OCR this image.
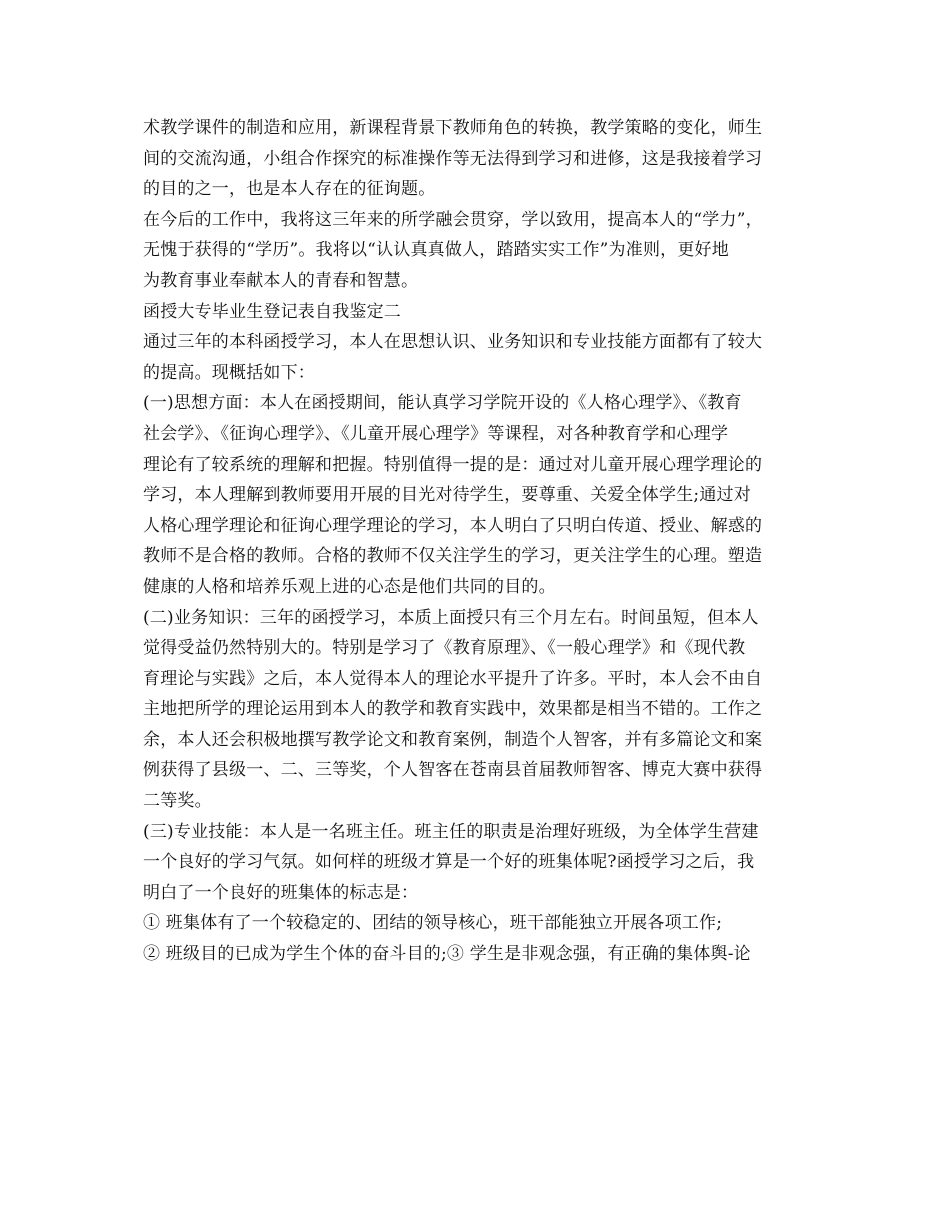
术教学课件的制造和应用，新课程背景下教师角色的转换，教学策略的变化，师生

间的交流沟通，小组合作探究的标准操作等无法得到学习和进修，这是我接着学习

的目的之一，也是本人存在的征询题。

在今后的工作中，我将这三年来的所学融会贯穿，学以致用，提高本人的“学力”，

无愧于获得的“学历”。我将以“认认真真做人，踏踏实实工作”为准则，更好地

为教育事业奉献本人的青春和智慧。

函授大专毕业生登记表自我鉴定二

通过三年的本科函授学习，本人在思想认识、业务知识和专业技能方面都有了较大

的提高。现概括如下：

(一)思想方面：本人在函授期间，能认真学习学院开设的《人格心理学》、《教育

社会学》、《征询心理学》、《儿童开展心理学》等课程，对各种教育学和心理学

理论有了较系统的理解和把握。特别值得一提的是：通过对儿童开展心理学理论的

学习，本人理解到教师要用开展的目光对待学生，要尊重、关爱全体学生;通过对

人格心理学理论和征询心理学理论的学习，本人明白了只明白传道、授业、解惑的

教师不是合格的教师。合格的教师不仅关注学生的学习，更关注学生的心理。塑造

健康的人格和培养乐观上进的心态是他们共同的目的。

(二)业务知识：三年的函授学习，本质上面授只有三个月左右。时间虽短，但本人

觉得受益仍然特别大的。特别是学习了《教育原理》、《一般心理学》和《现代教

育理论与实践》之后，本人觉得本人的理论水平提升了许多。平时，本人会不由自

主地把所学的理论运用到本人的教学和教育实践中，效果都是相当不错的。工作之

余，本人还会积极地撰写教学论文和教育案例，制造个人智客，并有多篇论文和案

例获得了县级一、二、三等奖，个人智客在苍南县首届教师智客、博克大赛中获得

二等奖。

(三)专业技能：本人是一名班主任。班主任的职责是治理好班级，为全体学生营建

一个良好的学习气氛。如何样的班级才算是一个好的班集体呢?函授学习之后，我

明白了一个良好的班集体的标志是：

① 班集体有了一个较稳定的、团结的领导核心，班干部能独立开展各项工作;

② 班级目的已成为学生个体的奋斗目的;③ 学生是非观念强，有正确的集体舆-论
